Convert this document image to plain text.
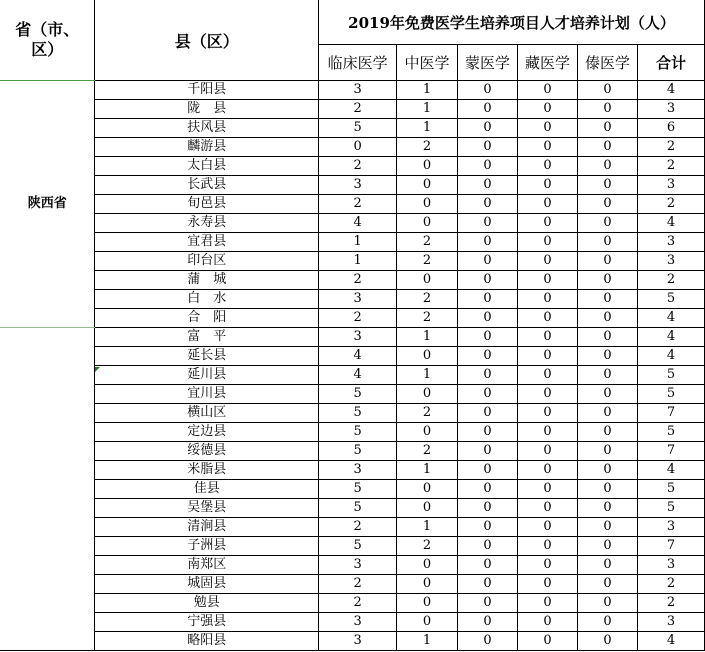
省（市、
区）	县（区）	2019年免费医学生培养项目人才培养计划（人）					
		临床医学	中医学	蒙医学	藏医学	傣医学	合计
陕西省	千阳县	3	1	0	0	0	4
	陇　县	2	1	0	0	0	3
	扶风县	5	1	0	0	0	6
	麟游县	0	2	0	0	0	2
	太白县	2	0	0	0	0	2
	长武县	3	0	0	0	0	3
	旬邑县	2	0	0	0	0	2
	永寿县	4	0	0	0	0	4
	宜君县	1	2	0	0	0	3
	印台区	1	2	0	0	0	3
	蒲　城	2	0	0	0	0	2
	白　水	3	2	0	0	0	5
	合　阳	2	2	0	0	0	4
	富　平	3	1	0	0	0	4
	延长县	4	0	0	0	0	4
	延川县	4	1	0	0	0	5
	宜川县	5	0	0	0	0	5
	横山区	5	2	0	0	0	7
	定边县	5	0	0	0	0	5
	绥德县	5	2	0	0	0	7
	米脂县	3	1	0	0	0	4
	佳县	5	0	0	0	0	5
	吴堡县	5	0	0	0	0	5
	清涧县	2	1	0	0	0	3
	子洲县	5	2	0	0	0	7
	南郑区	3	0	0	0	0	3
	城固县	2	0	0	0	0	2
	勉县	2	0	0	0	0	2
	宁强县	3	0	0	0	0	3
	略阳县	3	1	0	0	0	4
